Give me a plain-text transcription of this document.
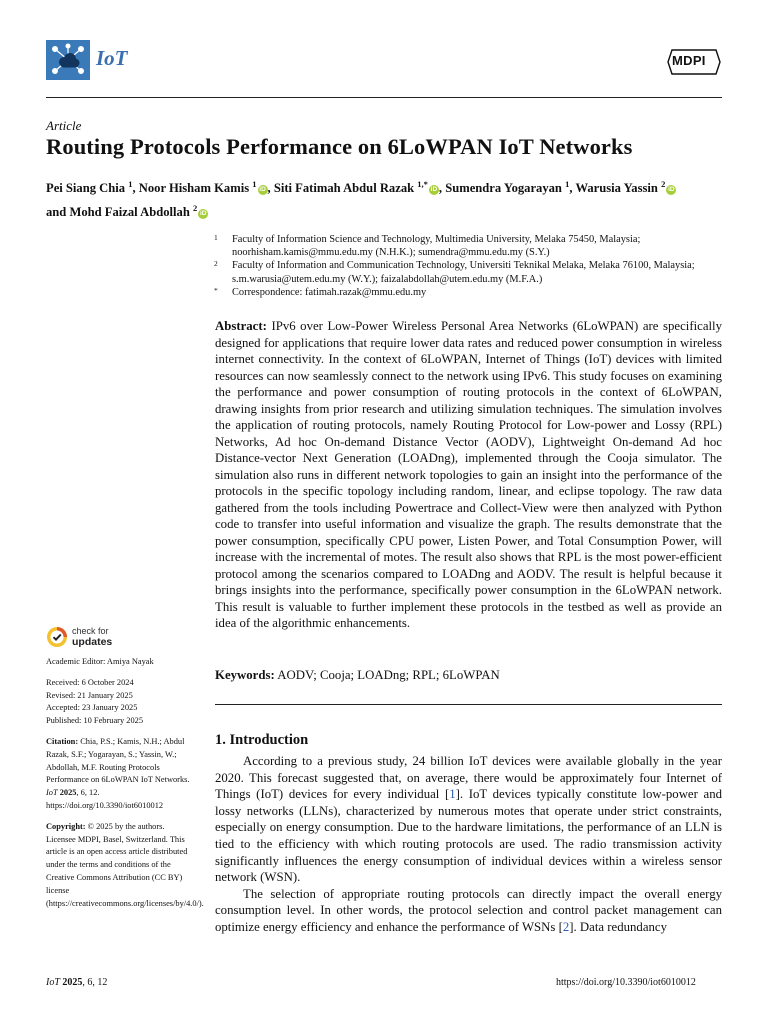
IoT	MDPI
Article
Routing Protocols Performance on 6LoWPAN IoT Networks
Pei Siang Chia $^1$, Noor Hisham Kamis $^1$iD , Siti Fatimah Abdul Razak $^{1,*}$iD , Sumendra Yogarayan $^1$, Warusia Yassin $^2$iD
and Mohd Faizal Abdollah $^2$iD
1 Faculty of Information Science and Technology, Multimedia University, Melaka 75450, Malaysia; noorhisham.kamis@mmu.edu.my (N.H.K.); sumendra@mmu.edu.my (S.Y.)
2 Faculty of Information and Communication Technology, Universiti Teknikal Melaka, Melaka 76100, Malaysia; s.m.warusia@utem.edu.my (W.Y.); faizalabdollah@utem.edu.my (M.F.A.)
* Correspondence: fatimah.razak@mmu.edu.my
Abstract: IPv6 over Low-Power Wireless Personal Area Networks (6LoWPAN) are specifically designed for applications that require lower data rates and reduced power consumption in wireless internet connectivity. In the context of 6LoWPAN, Internet of Things (IoT) devices with limited resources can now seamlessly connect to the network using IPv6. This study focuses on examining the performance and power consumption of routing protocols in the context of 6LoWPAN, drawing insights from prior research and utilizing simulation techniques. The simulation involves the application of routing protocols, namely Routing Protocol for Low-power and Lossy (RPL) Networks, Ad hoc On-demand Distance Vector (AODV), Lightweight On-demand Ad hoc Distance-vector Next Generation (LOADng), implemented through the Cooja simulator. The simulation also runs in different network topologies to gain an insight into the performance of the protocols in the specific topology including random, linear, and eclipse topology. The raw data gathered from the tools including Powertrace and Collect-View were then analyzed with Python code to transfer into useful information and visualize the graph. The results demonstrate that the power consumption, specifically CPU power, Listen Power, and Total Consumption Power, will increase with the incremental of motes. The result also shows that RPL is the most power-efficient protocol among the scenarios compared to LOADng and AODV. The result is helpful because it brings insights into the performance, specifically power consumption in the 6LoWPAN network. This result is valuable to further implement these protocols in the testbed as well as provide an idea of the algorithmic enhancements.
Keywords: AODV; Cooja; LOADng; RPL; 6LoWPAN
check for
updates
Academic Editor: Amiya Nayak
Received: 6 October 2024
Revised: 21 January 2025
Accepted: 23 January 2025
Published: 10 February 2025
Citation: Chia, P.S.; Kamis, N.H.; Abdul Razak, S.F.; Yogarayan, S.; Yassin, W.; Abdollah, M.F. Routing Protocols Performance on 6LoWPAN IoT Networks. IoT 2025, 6, 12. https://doi.org/10.3390/iot6010012
Copyright: © 2025 by the authors. Licensee MDPI, Basel, Switzerland. This article is an open access article distributed under the terms and conditions of the Creative Commons Attribution (CC BY) license (https://creativecommons.org/licenses/by/4.0/).
1. Introduction

According to a previous study, 24 billion IoT devices were available globally in the year 2020. This forecast suggested that, on average, there would be approximately four Internet of Things (IoT) devices for every individual [1]. IoT devices typically constitute low-power and lossy networks (LLNs), characterized by numerous motes that operate under strict constraints, especially on energy consumption. Due to the hardware limitations, the performance of an LLN is tied to the efficiency with which routing protocols are used. The radio transmission activity significantly influences the energy consumption of individual devices within a wireless sensor network (WSN).

The selection of appropriate routing protocols can directly impact the overall energy consumption level. In other words, the protocol selection and control packet management can optimize energy efficiency and enhance the performance of WSNs [2]. Data redundancy

IoT 2025, 6, 12	https://doi.org/10.3390/iot6010012
